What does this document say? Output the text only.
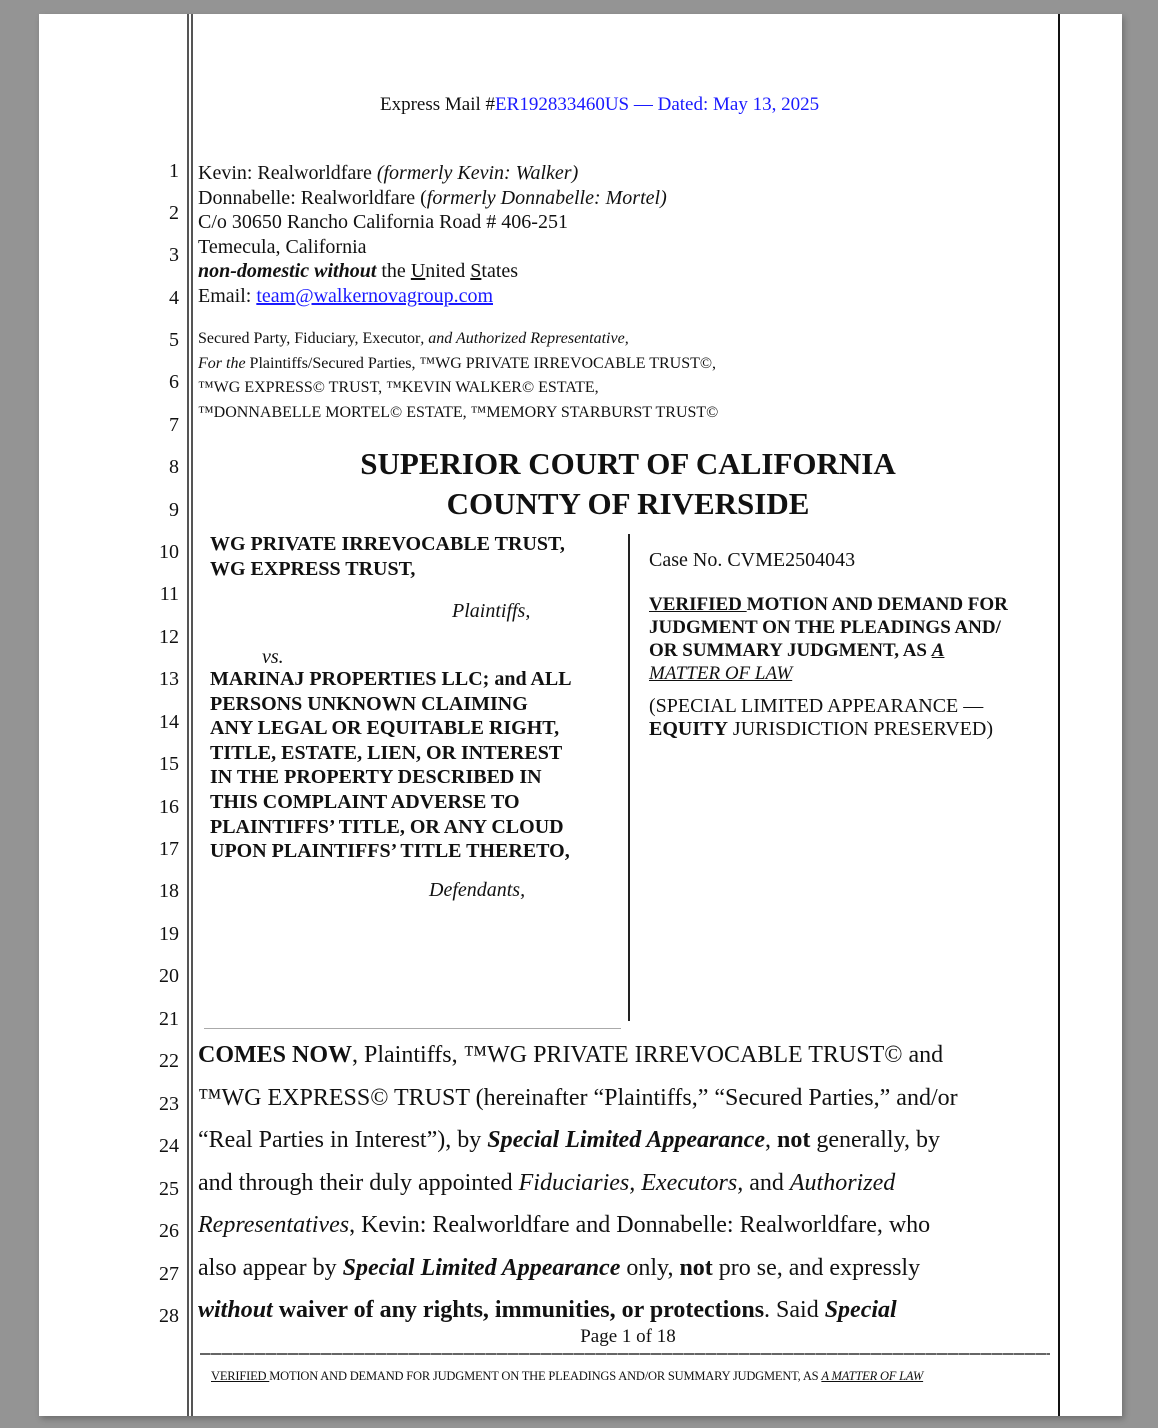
Express Mail #ER192833460US — Dated: May 13, 2025
1
2
3
4
5
6
7
8
9
10
11
12
13
14
15
16
17
18
19
20
21
22
23
24
25
26
27
28
Kevin: Realworldfare (formerly Kevin: Walker)
Donnabelle: Realworldfare (formerly Donnabelle: Mortel)
C/o 30650 Rancho California Road # 406-251
Temecula, California
non-domestic without the United States
Email: team@walkernovagroup.com
Secured Party, Fiduciary, Executor, and Authorized Representative,
For the Plaintiffs/Secured Parties, ™WG PRIVATE IRREVOCABLE TRUST©,
™WG EXPRESS© TRUST, ™KEVIN WALKER© ESTATE,
™DONNABELLE MORTEL© ESTATE, ™MEMORY STARBURST TRUST©
SUPERIOR COURT OF CALIFORNIA
COUNTY OF RIVERSIDE
WG PRIVATE IRREVOCABLE TRUST,
WG EXPRESS TRUST,
Plaintiffs,
vs.
MARINAJ PROPERTIES LLC; and ALL
PERSONS UNKNOWN CLAIMING
ANY LEGAL OR EQUITABLE RIGHT,
TITLE, ESTATE, LIEN, OR INTEREST
IN THE PROPERTY DESCRIBED IN
THIS COMPLAINT ADVERSE TO
PLAINTIFFS’ TITLE, OR ANY CLOUD
UPON PLAINTIFFS’ TITLE THERETO,
Defendants,
Case No. CVME2504043
VERIFIED MOTION AND DEMAND FOR
JUDGMENT ON THE PLEADINGS AND/
OR SUMMARY JUDGMENT, AS A
MATTER OF LAW
(SPECIAL LIMITED APPEARANCE —
EQUITY JURISDICTION PRESERVED)
COMES NOW, Plaintiffs, ™WG PRIVATE IRREVOCABLE TRUST© and
™WG EXPRESS© TRUST (hereinafter “Plaintiffs,” “Secured Parties,” and/or
“Real Parties in Interest”), by Special Limited Appearance, not generally, by
and through their duly appointed Fiduciaries, Executors, and Authorized
Representatives, Kevin: Realworldfare and Donnabelle: Realworldfare, who
also appear by Special Limited Appearance only, not pro se, and expressly
without waiver of any rights, immunities, or protections. Said Special
Page 1 of 18
VERIFIED MOTION AND DEMAND FOR JUDGMENT ON THE PLEADINGS AND/OR SUMMARY JUDGMENT, AS A MATTER OF LAW
